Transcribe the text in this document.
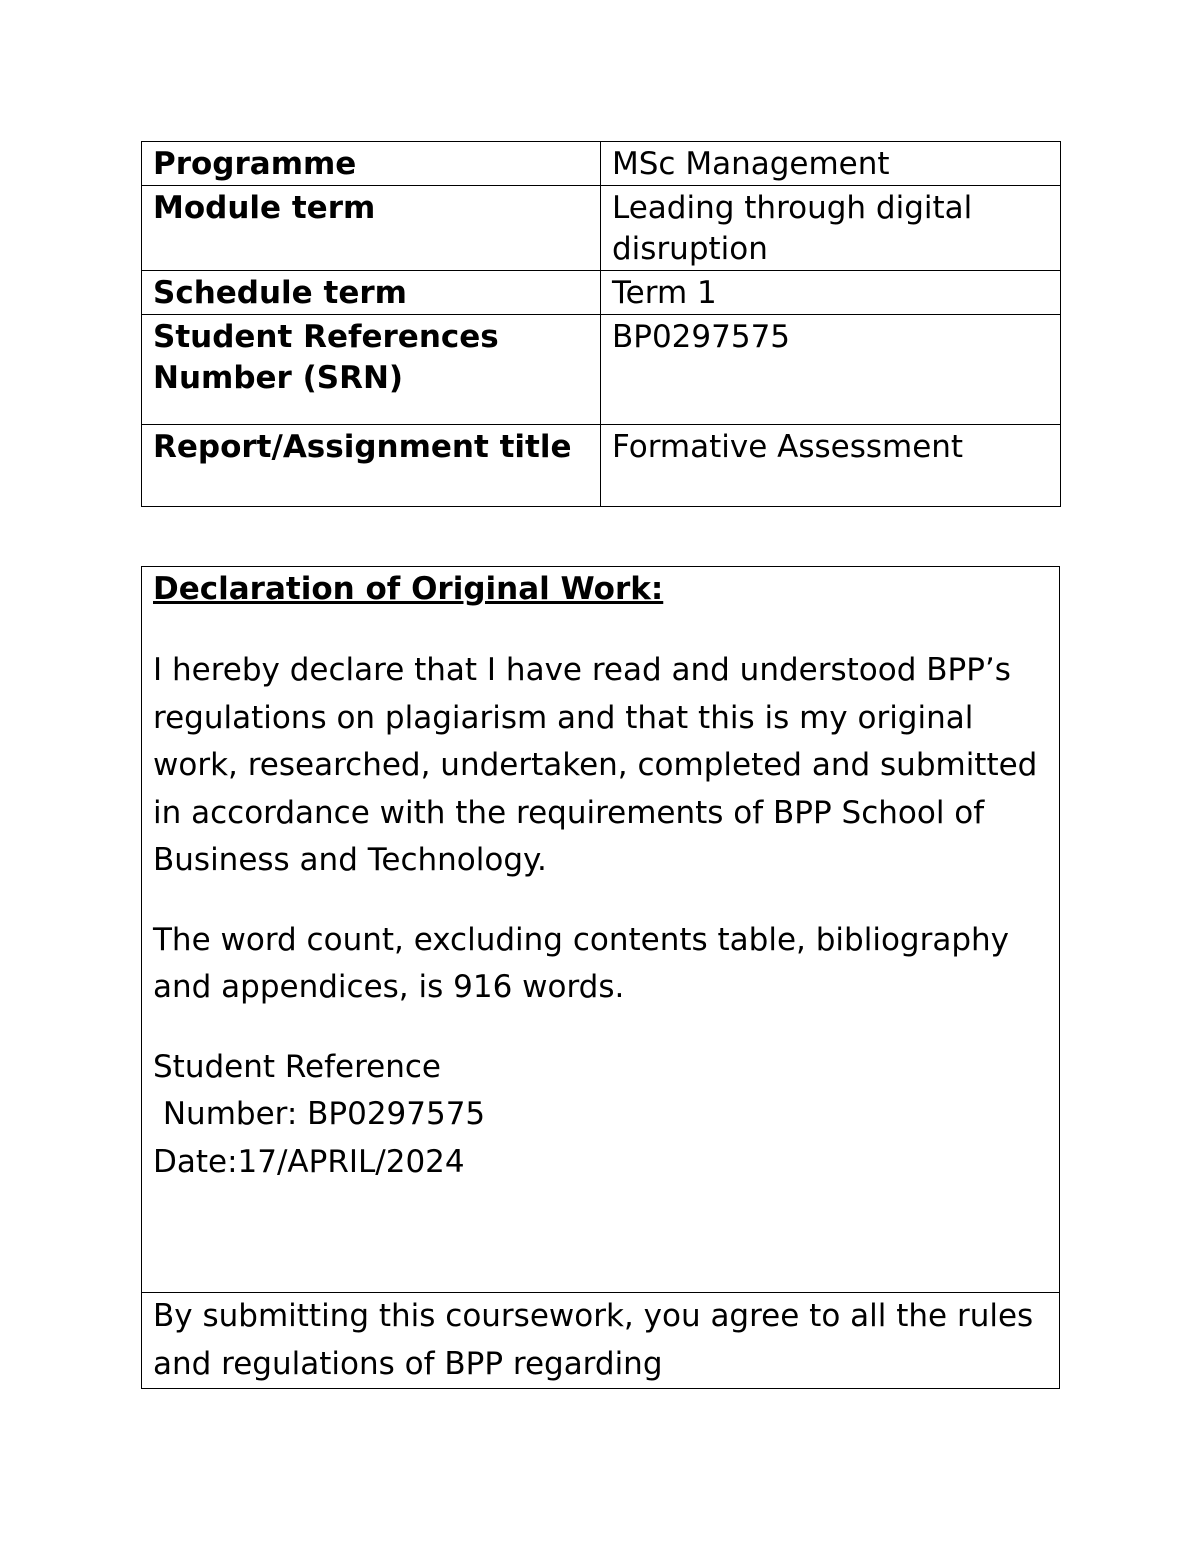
Programme	MSc Management
Module term	Leading through digital disruption
Schedule term	Term 1
Student References Number (SRN)	BP0297575
Report/Assignment title	Formative Assessment

Declaration of Original Work:

I hereby declare that I have read and understood BPP’s regulations on plagiarism and that this is my original work, researched, undertaken, completed and submitted in accordance with the requirements of BPP School of Business and Technology.

The word count, excluding contents table, bibliography and appendices, is 916 words.

Student Reference

Number: BP0297575

Date:17/APRIL/2024

By submitting this coursework, you agree to all the rules and regulations of BPP regarding
